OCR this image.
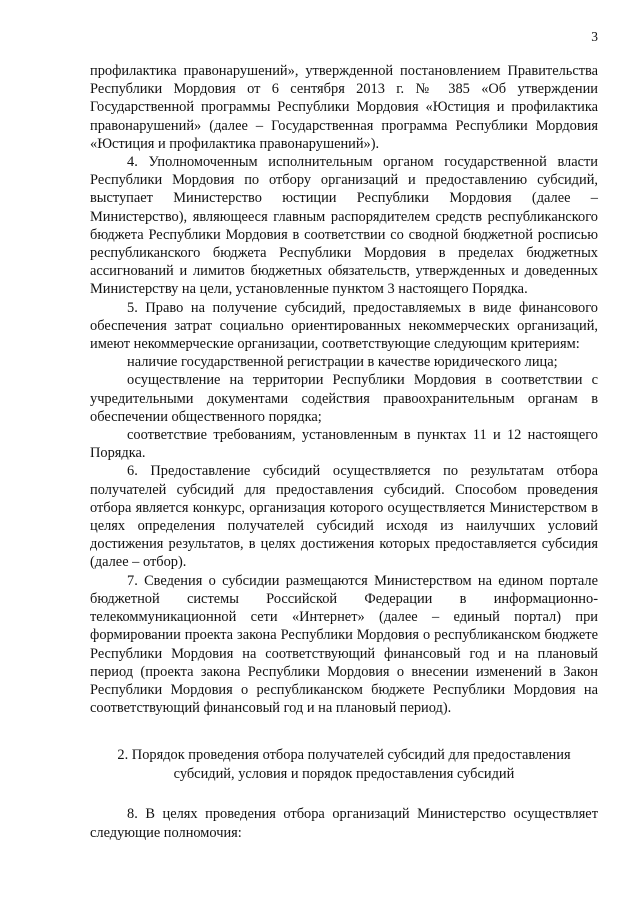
3

профилактика правонарушений», утвержденной постановлением Правительства Республики Мордовия от 6 сентября 2013 г. № 385 «Об утверждении Государственной программы Республики Мордовия «Юстиция и профилактика правонарушений» (далее – Государственная программа Республики Мордовия «Юстиция и профилактика правонарушений»).

4. Уполномоченным исполнительным органом государственной власти Республики Мордовия по отбору организаций и предоставлению субсидий, выступает Министерство юстиции Республики Мордовия (далее – Министерство), являющееся главным распорядителем средств республиканского бюджета Республики Мордовия в соответствии со сводной бюджетной росписью республиканского бюджета Республики Мордовия в пределах бюджетных ассигнований и лимитов бюджетных обязательств, утвержденных и доведенных Министерству на цели, установленные пунктом 3 настоящего Порядка.

5. Право на получение субсидий, предоставляемых в виде финансового обеспечения затрат социально ориентированных некоммерческих организаций, имеют некоммерческие организации, соответствующие следующим критериям:

наличие государственной регистрации в качестве юридического лица;

осуществление на территории Республики Мордовия в соответствии с учредительными документами содействия правоохранительным органам в обеспечении общественного порядка;

соответствие требованиям, установленным в пунктах 11 и 12 настоящего Порядка.

6. Предоставление субсидий осуществляется по результатам отбора получателей субсидий для предоставления субсидий. Способом проведения отбора является конкурс, организация которого осуществляется Министерством в целях определения получателей субсидий исходя из наилучших условий достижения результатов, в целях достижения которых предоставляется субсидия (далее – отбор).

7. Сведения о субсидии размещаются Министерством на едином портале бюджетной системы Российской Федерации в информационно-телекоммуникационной сети «Интернет» (далее – единый портал) при формировании проекта закона Республики Мордовия о республиканском бюджете Республики Мордовия на соответствующий финансовый год и на плановый период (проекта закона Республики Мордовия о внесении изменений в Закон Республики Мордовия о республиканском бюджете Республики Мордовия на соответствующий финансовый год и на плановый период).

2. Порядок проведения отбора получателей субсидий для предоставления
субсидий, условия и порядок предоставления субсидий

8. В целях проведения отбора организаций Министерство осуществляет следующие полномочия:
